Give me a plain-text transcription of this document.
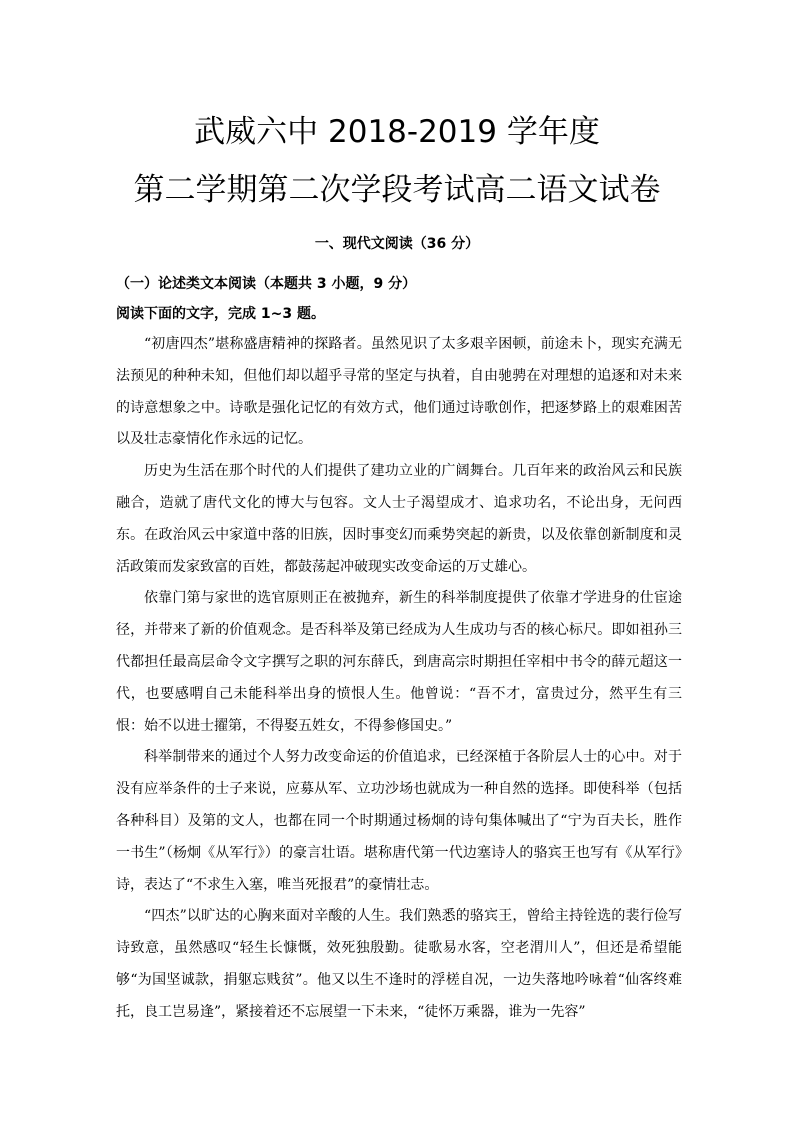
武威六中 2018-2019 学年度
第二学期第二次学段考试高二语文试卷
一、现代文阅读（36 分）
（一）论述类文本阅读（本题共 3 小题，9 分）
阅读下面的文字，完成 1~3 题。

“初唐四杰”堪称盛唐精神的探路者。虽然见识了太多艰辛困顿，前途未卜，现实充满无法预见的种种未知，但他们却以超乎寻常的坚定与执着，自由驰骋在对理想的追逐和对未来的诗意想象之中。诗歌是强化记忆的有效方式，他们通过诗歌创作，把逐梦路上的艰难困苦以及壮志豪情化作永远的记忆。

历史为生活在那个时代的人们提供了建功立业的广阔舞台。几百年来的政治风云和民族融合，造就了唐代文化的博大与包容。文人士子渴望成才、追求功名，不论出身，无问西东。在政治风云中家道中落的旧族，因时事变幻而乘势突起的新贵，以及依靠创新制度和灵活政策而发家致富的百姓，都鼓荡起冲破现实改变命运的万丈雄心。

依靠门第与家世的选官原则正在被抛弃，新生的科举制度提供了依靠才学进身的仕宦途径，并带来了新的价值观念。是否科举及第已经成为人生成功与否的核心标尺。即如祖孙三代都担任最高层命令文字撰写之职的河东薛氏，到唐高宗时期担任宰相中书令的薛元超这一代，也要感喟自己未能科举出身的愤恨人生。他曾说：“吾不才，富贵过分，然平生有三恨：始不以进士擢第，不得娶五姓女，不得参修国史。”

科举制带来的通过个人努力改变命运的价值追求，已经深植于各阶层人士的心中。对于没有应举条件的士子来说，应募从军、立功沙场也就成为一种自然的选择。即使科举（包括各种科目）及第的文人，也都在同一个时期通过杨炯的诗句集体喊出了“宁为百夫长，胜作一书生”（杨炯《从军行》）的豪言壮语。堪称唐代第一代边塞诗人的骆宾王也写有《从军行》诗，表达了“不求生入塞，唯当死报君”的豪情壮志。

“四杰”以旷达的心胸来面对辛酸的人生。我们熟悉的骆宾王，曾给主持铨选的裴行俭写诗致意，虽然感叹“轻生长慷慨，效死独殷勤。徒歌易水客，空老渭川人”，但还是希望能够“为国坚诚款，捐躯忘贱贫”。他又以生不逢时的浮槎自况，一边失落地吟咏着“仙客终难托，良工岂易逢”，紧接着还不忘展望一下未来，“徒怀万乘器，谁为一先容”
